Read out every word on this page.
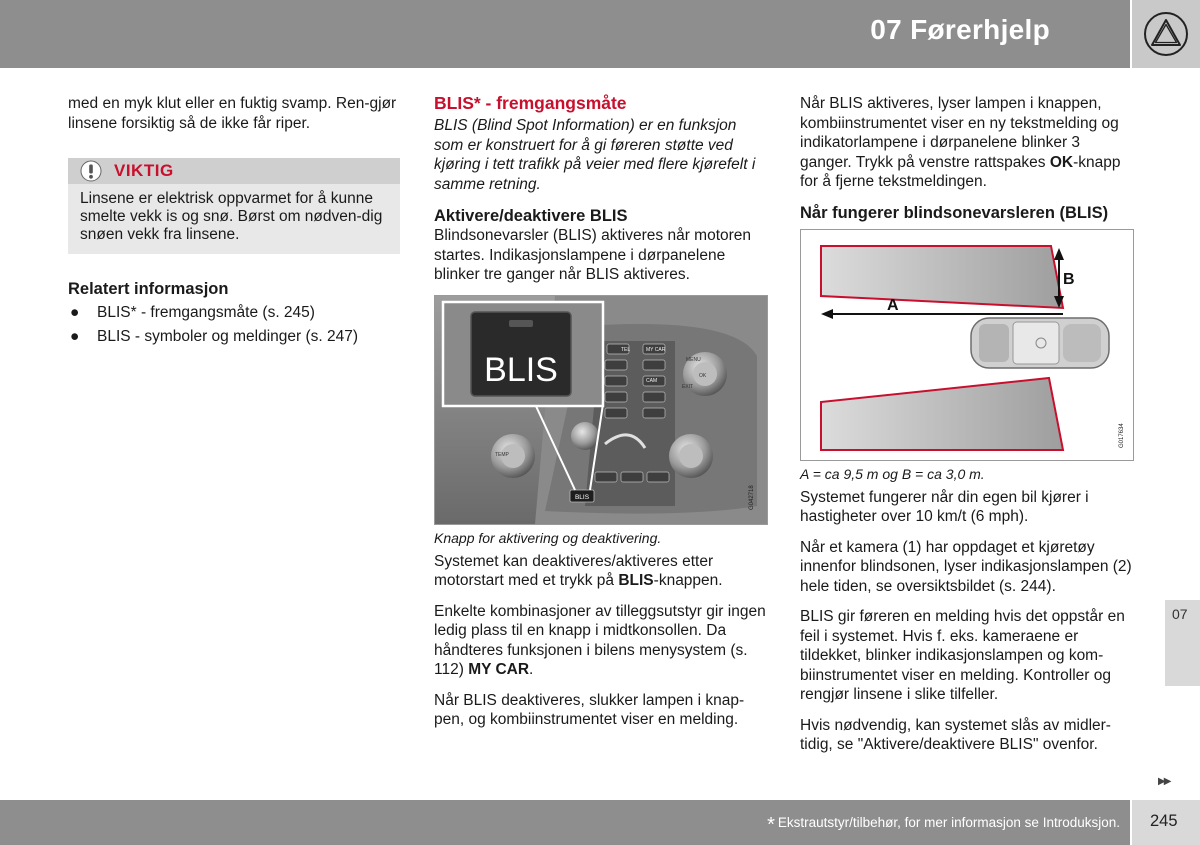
07 Førerhjelp

med en myk klut eller en fuktig svamp. Ren-gjør linsene forsiktig så de ikke får riper.

VIKTIG
Linsene er elektrisk oppvarmet for å kunne smelte vekk is og snø. Børst om nødven-dig snøen vekk fra linsene.
Relatert informasjon
●	BLIS* - fremgangsmåte (s. 245)
●	BLIS - symboler og meldinger (s. 247)
BLIS* - fremgangsmåte
BLIS (Blind Spot Information) er en funksjon som er konstruert for å gi føreren støtte ved kjøring i tett trafikk på veier med flere kjørefelt i samme retning.
Aktivere/deaktivere BLIS

Blindsonevarsler (BLIS) aktiveres når motoren startes. Indikasjonslampene i dørpanelene blinker tre ganger når BLIS aktiveres.

TEL	MY CAR
CAM
EXIT
OK
MENU
TEMP
BLIS
BLIS
G042718
Knapp for aktivering og deaktivering.

Systemet kan deaktiveres/aktiveres etter motorstart med et trykk på BLIS-knappen.

Enkelte kombinasjoner av tilleggsutstyr gir ingen ledig plass til en knapp i midtkonsollen. Da håndteres funksjonen i bilens menysystem (s. 112) MY CAR.

Når BLIS deaktiveres, slukker lampen i knap-pen, og kombiinstrumentet viser en melding.

Når BLIS aktiveres, lyser lampen i knappen, kombiinstrumentet viser en ny tekstmelding og indikatorlampene i dørpanelene blinker 3 ganger. Trykk på venstre rattspakes OK-knapp for å fjerne tekstmeldingen.

Når fungerer blindsonevarsleren (BLIS)
A
B
G017634
A = ca 9,5 m og B = ca 3,0 m.

Systemet fungerer når din egen bil kjører i hastigheter over 10 km/t (6 mph).

Når et kamera (1) har oppdaget et kjøretøy innenfor blindsonen, lyser indikasjonslampen (2) hele tiden, se oversiktsbildet (s. 244).

BLIS gir føreren en melding hvis det oppstår en feil i systemet. Hvis f. eks. kameraene er tildekket, blinker indikasjonslampen og kom-biinstrumentet viser en melding. Kontroller og rengjør linsene i slike tilfeller.

Hvis nødvendig, kan systemet slås av midler-tidig, se "Aktivere/deaktivere BLIS" ovenfor.

07
▶▶
* Ekstrautstyr/tilbehør, for mer informasjon se Introduksjon. 245
